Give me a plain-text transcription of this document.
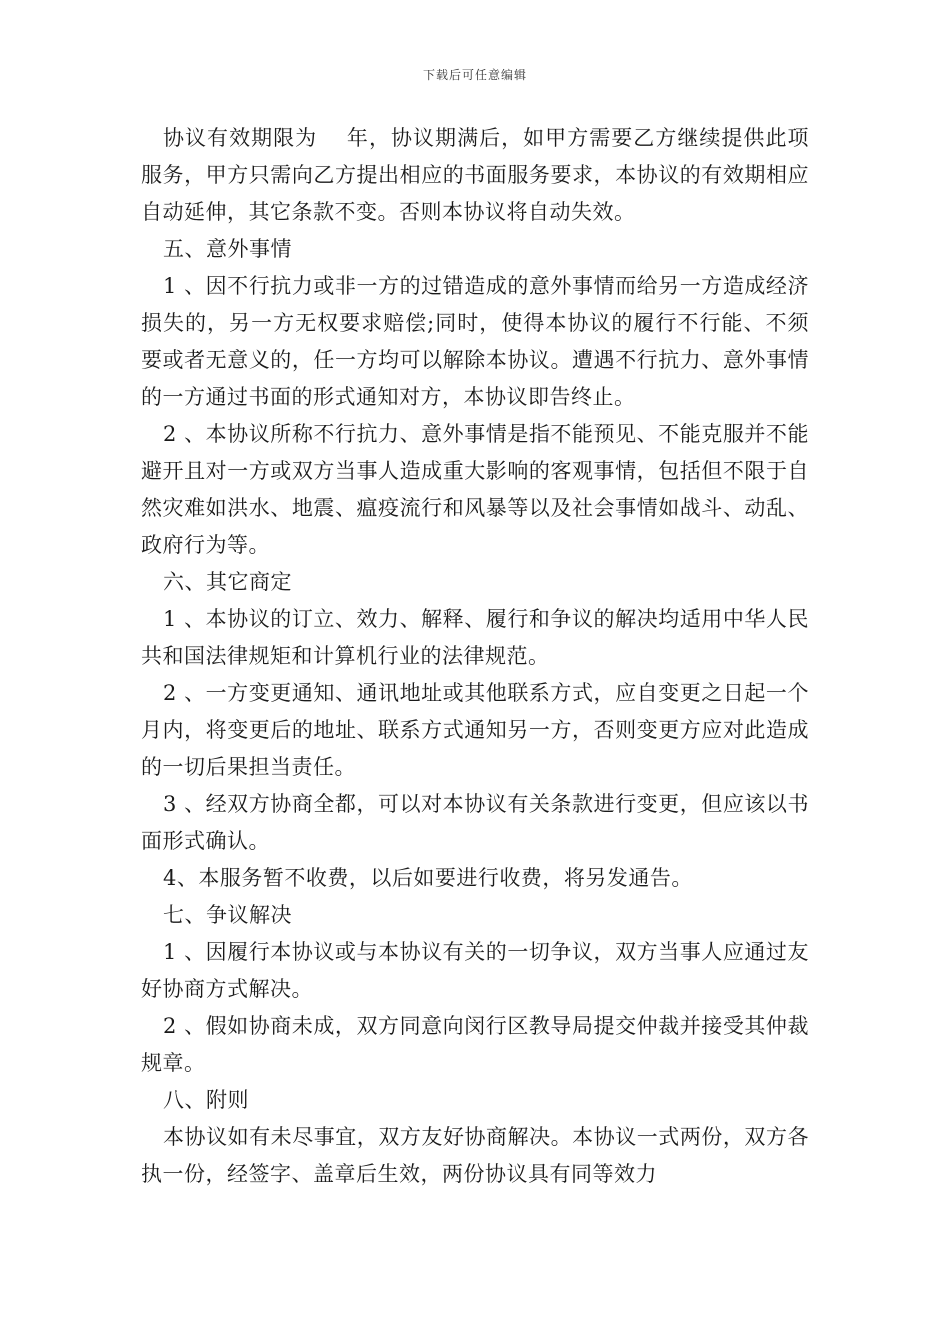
下载后可任意编辑

协议有效期限为　 年，协议期满后，如甲方需要乙方继续提供此项服务，甲方只需向乙方提出相应的书面服务要求，本协议的有效期相应自动延伸，其它条款不变。否则本协议将自动失效。

五、意外事情

1 、因不行抗力或非一方的过错造成的意外事情而给另一方造成经济损失的，另一方无权要求赔偿;同时，使得本协议的履行不行能、不须要或者无意义的，任一方均可以解除本协议。遭遇不行抗力、意外事情的一方通过书面的形式通知对方，本协议即告终止。

2 、本协议所称不行抗力、意外事情是指不能预见、不能克服并不能避开且对一方或双方当事人造成重大影响的客观事情，包括但不限于自然灾难如洪水、地震、瘟疫流行和风暴等以及社会事情如战斗、动乱、政府行为等。

六、其它商定

1 、本协议的订立、效力、解释、履行和争议的解决均适用中华人民共和国法律规矩和计算机行业的法律规范。

2 、一方变更通知、通讯地址或其他联系方式，应自变更之日起一个月内，将变更后的地址、联系方式通知另一方，否则变更方应对此造成的一切后果担当责任。

3 、经双方协商全都，可以对本协议有关条款进行变更，但应该以书面形式确认。

4、本服务暂不收费，以后如要进行收费，将另发通告。

七、争议解决

1 、因履行本协议或与本协议有关的一切争议，双方当事人应通过友好协商方式解决。

2 、假如协商未成，双方同意向闵行区教导局提交仲裁并接受其仲裁规章。

八、附则

本协议如有未尽事宜，双方友好协商解决。本协议一式两份，双方各执一份，经签字、盖章后生效，两份协议具有同等效力
